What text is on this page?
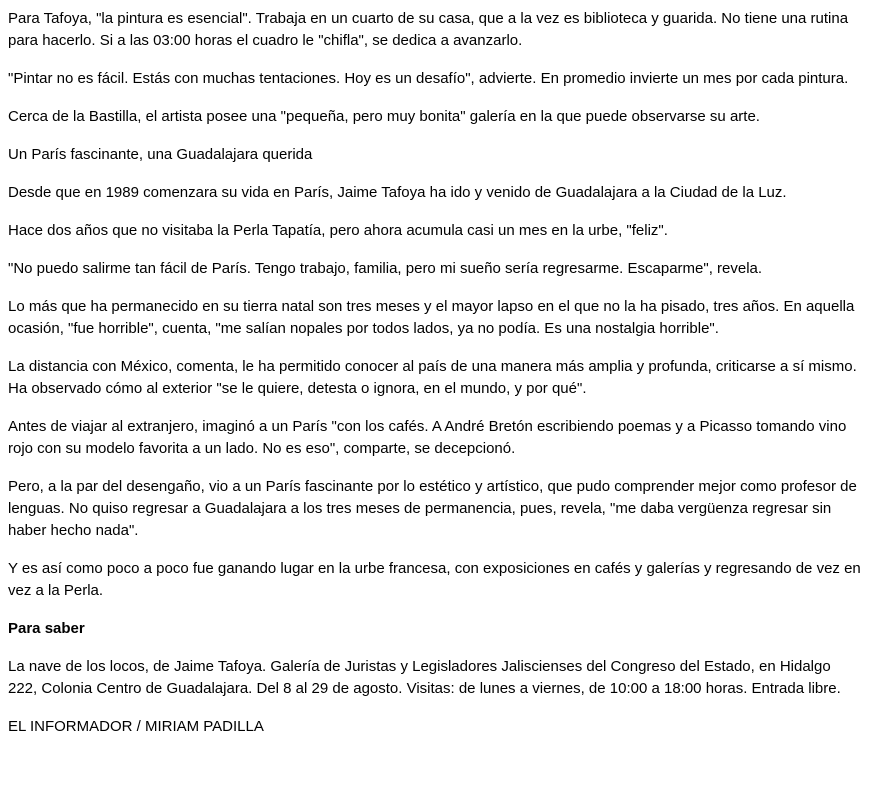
Para Tafoya, "la pintura es esencial". Trabaja en un cuarto de su casa, que a la vez es biblioteca y guarida. No tiene una rutina para hacerlo. Si a las 03:00 horas el cuadro le "chifla", se dedica a avanzarlo.

"Pintar no es fácil. Estás con muchas tentaciones. Hoy es un desafío", advierte. En promedio invierte un mes por cada pintura.

Cerca de la Bastilla, el artista posee una "pequeña, pero muy bonita" galería en la que puede observarse su arte.

Un París fascinante, una Guadalajara querida

Desde que en 1989 comenzara su vida en París, Jaime Tafoya ha ido y venido de Guadalajara a la Ciudad de la Luz.

Hace dos años que no visitaba la Perla Tapatía, pero ahora acumula casi un mes en la urbe, "feliz".

"No puedo salirme tan fácil de París. Tengo trabajo, familia, pero mi sueño sería regresarme. Escaparme", revela.

Lo más que ha permanecido en su tierra natal son tres meses y el mayor lapso en el que no la ha pisado, tres años. En aquella ocasión, "fue horrible", cuenta, "me salían nopales por todos lados, ya no podía. Es una nostalgia horrible".

La distancia con México, comenta, le ha permitido conocer al país de una manera más amplia y profunda, criticarse a sí mismo. Ha observado cómo al exterior "se le quiere, detesta o ignora, en el mundo, y por qué".

Antes de viajar al extranjero, imaginó a un París "con los cafés. A André Bretón escribiendo poemas y a Picasso tomando vino rojo con su modelo favorita a un lado. No es eso", comparte, se decepcionó.

Pero, a la par del desengaño, vio a un París fascinante por lo estético y artístico, que pudo comprender mejor como profesor de lenguas. No quiso regresar a Guadalajara a los tres meses de permanencia, pues, revela, "me daba vergüenza regresar sin haber hecho nada".

Y es así como poco a poco fue ganando lugar en la urbe francesa, con exposiciones en cafés y galerías y regresando de vez en vez a la Perla.

Para saber

La nave de los locos, de Jaime Tafoya. Galería de Juristas y Legisladores Jaliscienses del Congreso del Estado, en Hidalgo 222, Colonia Centro de Guadalajara. Del 8 al 29 de agosto. Visitas: de lunes a viernes, de 10:00 a 18:00 horas. Entrada libre.

EL INFORMADOR / MIRIAM PADILLA
